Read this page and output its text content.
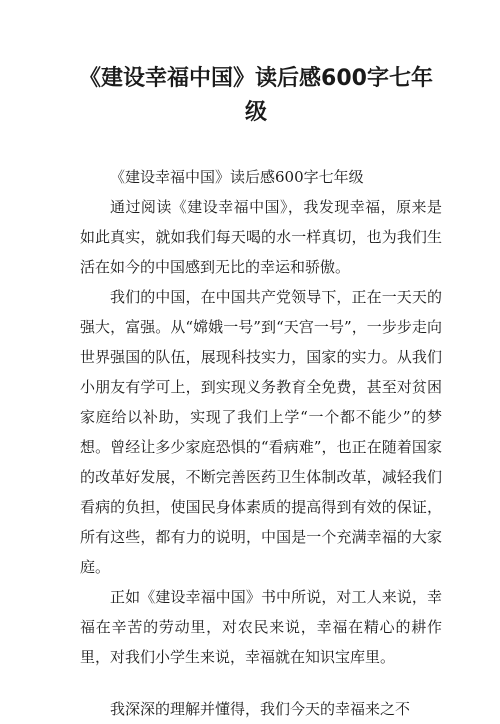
《建设幸福中国》读后感600字七年级

《建设幸福中国》读后感600字七年级

通过阅读《建设幸福中国》，我发现幸福，原来是如此真实，就如我们每天喝的水一样真切，也为我们生活在如今的中国感到无比的幸运和骄傲。

我们的中国，在中国共产党领导下，正在一天天的强大，富强。从“嫦娥一号”到“天宫一号”，一步步走向世界强国的队伍，展现科技实力，国家的实力。从我们小朋友有学可上，到实现义务教育全免费，甚至对贫困家庭给以补助，实现了我们上学“一个都不能少”的梦想。曾经让多少家庭恐惧的“看病难”，也正在随着国家的改革好发展，不断完善医药卫生体制改革，减轻我们看病的负担，使国民身体素质的提高得到有效的保证，所有这些，都有力的说明，中国是一个充满幸福的大家庭。

正如《建设幸福中国》书中所说，对工人来说，幸福在辛苦的劳动里，对农民来说，幸福在精心的耕作里，对我们小学生来说，幸福就在知识宝库里。

我深深的理解并懂得，我们今天的幸福来之不
